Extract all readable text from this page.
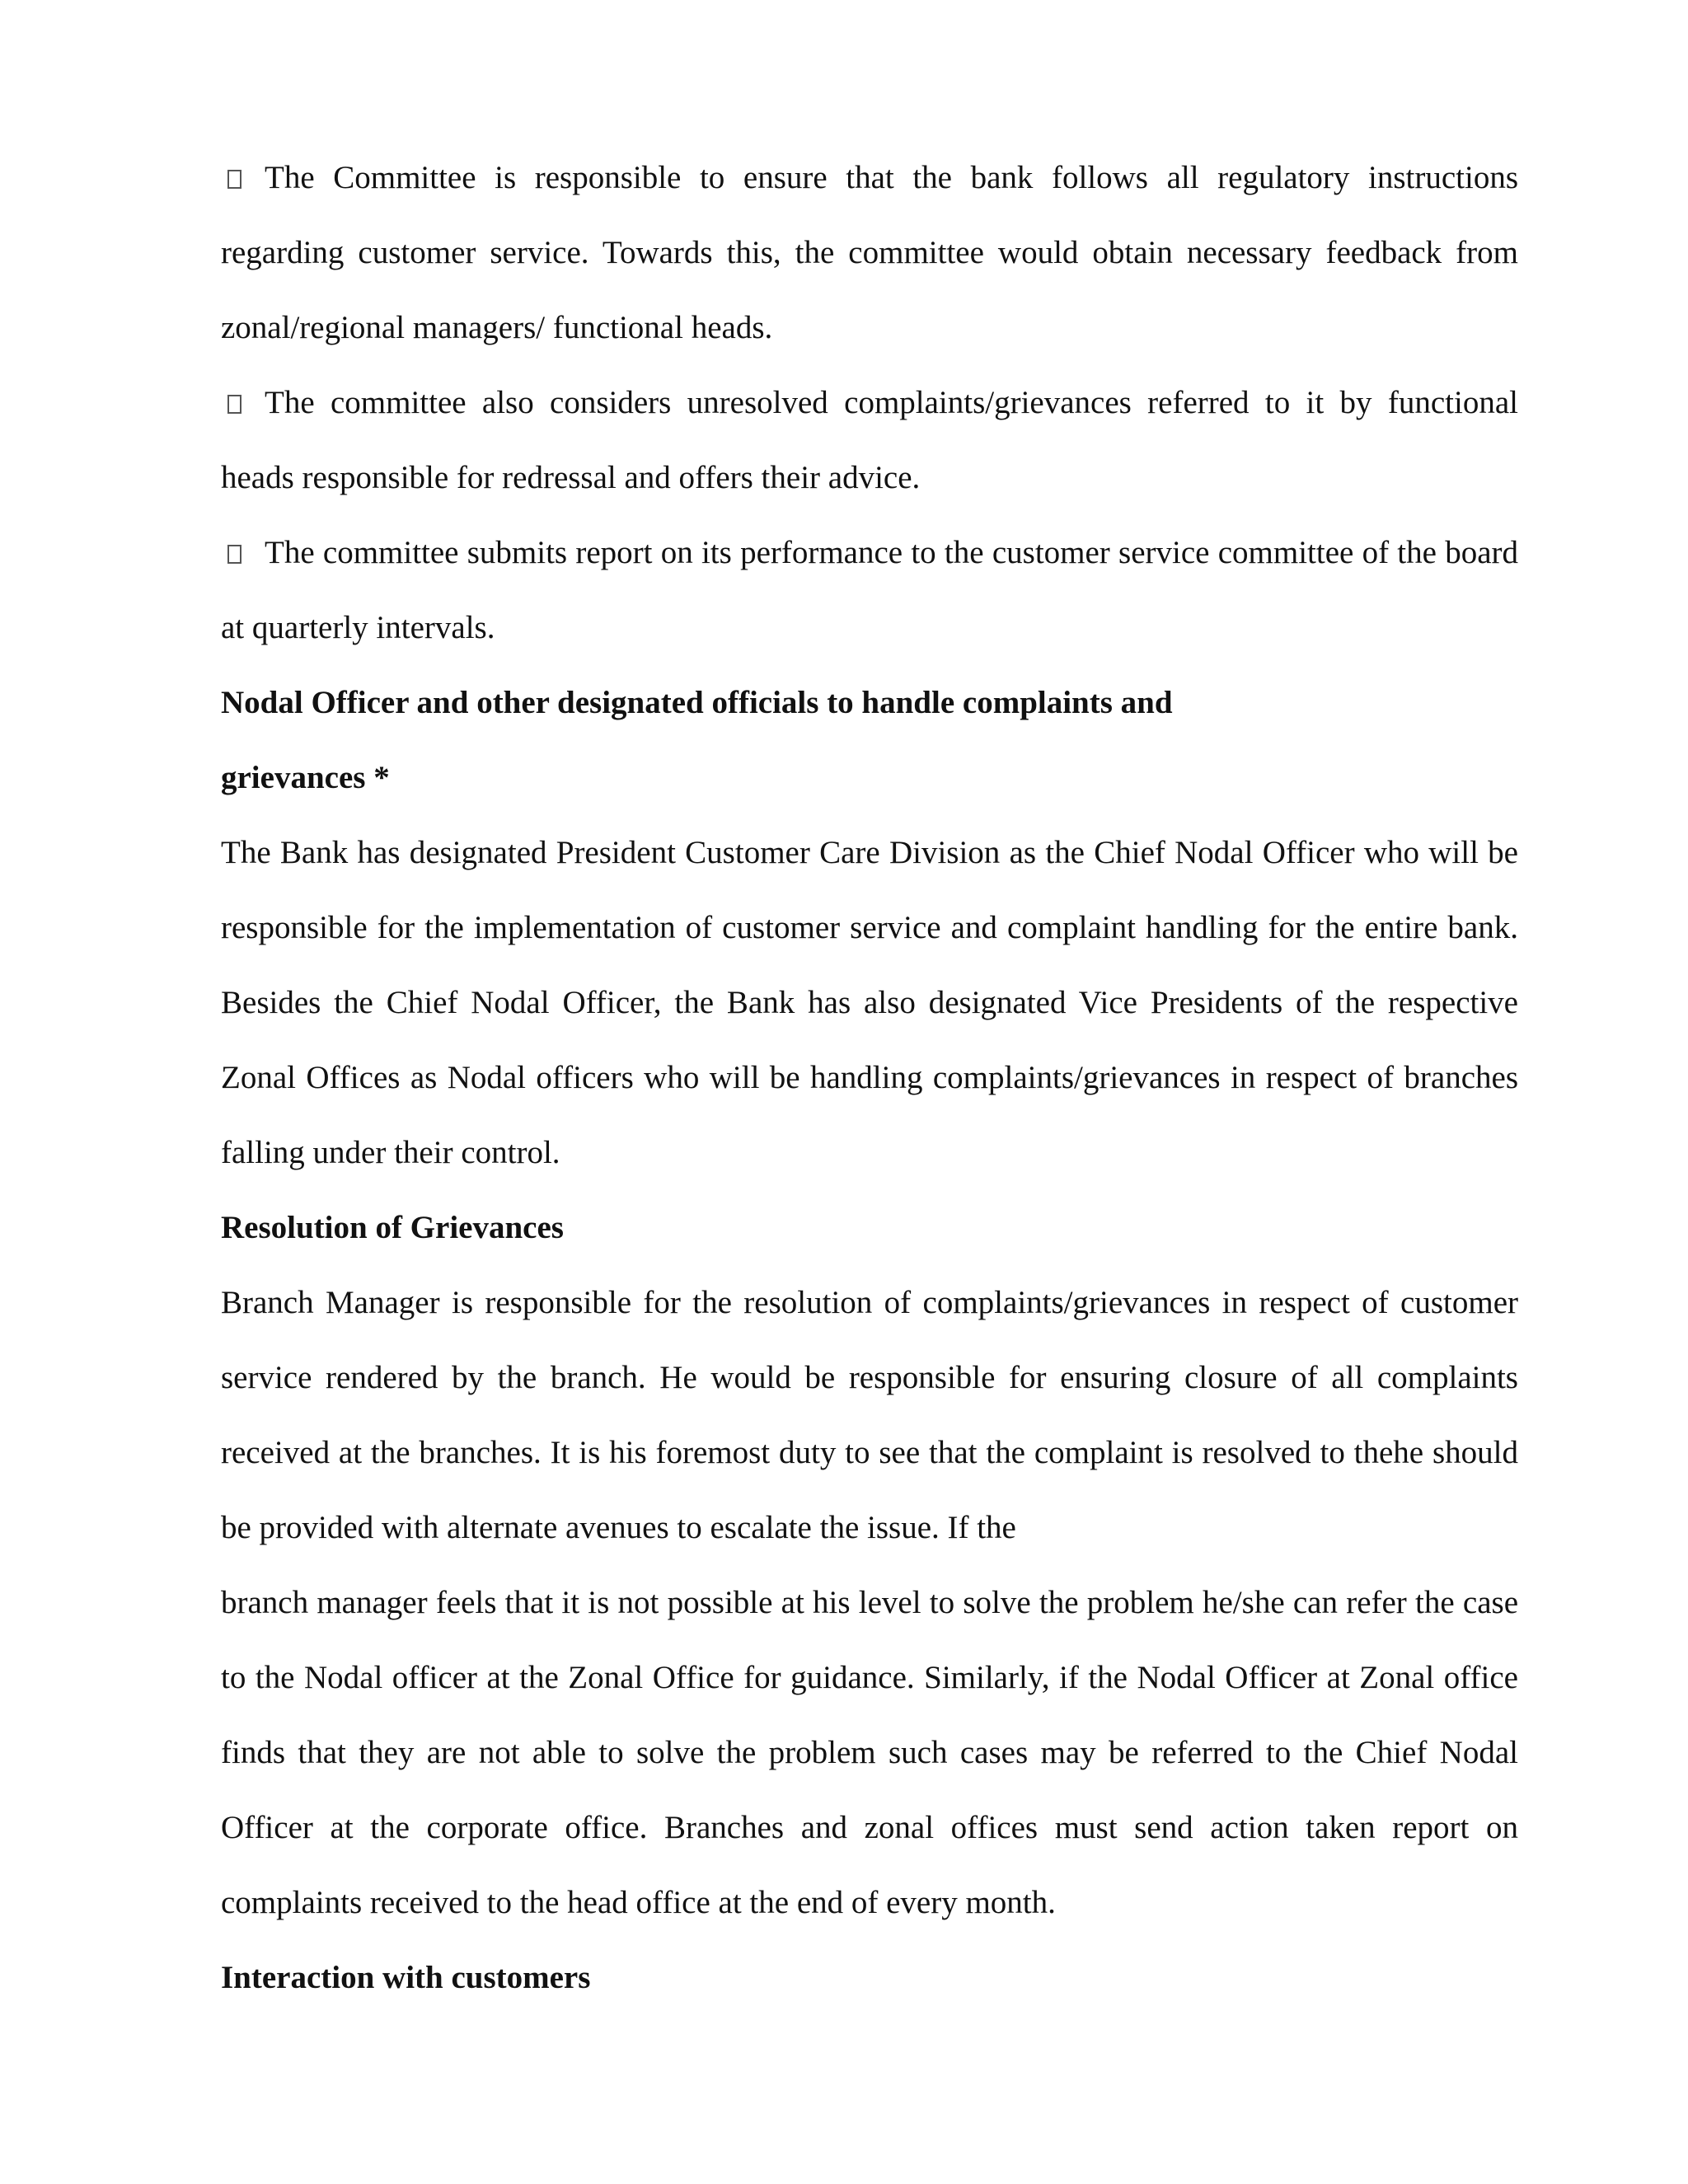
The Committee is responsible to ensure that the bank follows all regulatory instructions regarding customer service. Towards this, the committee would obtain necessary feedback from zonal/regional managers/ functional heads.

The committee also considers unresolved complaints/grievances referred to it by functional heads responsible for redressal and offers their advice.

The committee submits report on its performance to the customer service committee of the board at quarterly intervals.

Nodal Officer and other designated officials to handle complaints and

grievances *

The Bank has designated President Customer Care Division as the Chief Nodal Officer who will be responsible for the implementation of customer service and complaint handling for the entire bank. Besides the Chief Nodal Officer, the Bank has also designated Vice Presidents of the respective Zonal Offices as Nodal officers who will be handling complaints/grievances in respect of branches falling under their control.

Resolution of Grievances

Branch Manager is responsible for the resolution of complaints/grievances in respect of customer service rendered by the branch. He would be responsible for ensuring closure of all complaints received at the branches. It is his foremost duty to see that the complaint is resolved to thehe should be provided with alternate avenues to escalate the issue. If the

branch manager feels that it is not possible at his level to solve the problem he/she can refer the case to the Nodal officer at the Zonal Office for guidance. Similarly, if the Nodal Officer at Zonal office finds that they are not able to solve the problem such cases may be referred to the Chief Nodal Officer at the corporate office. Branches and zonal offices must send action taken report on complaints received to the head office at the end of every month.

Interaction with customers
